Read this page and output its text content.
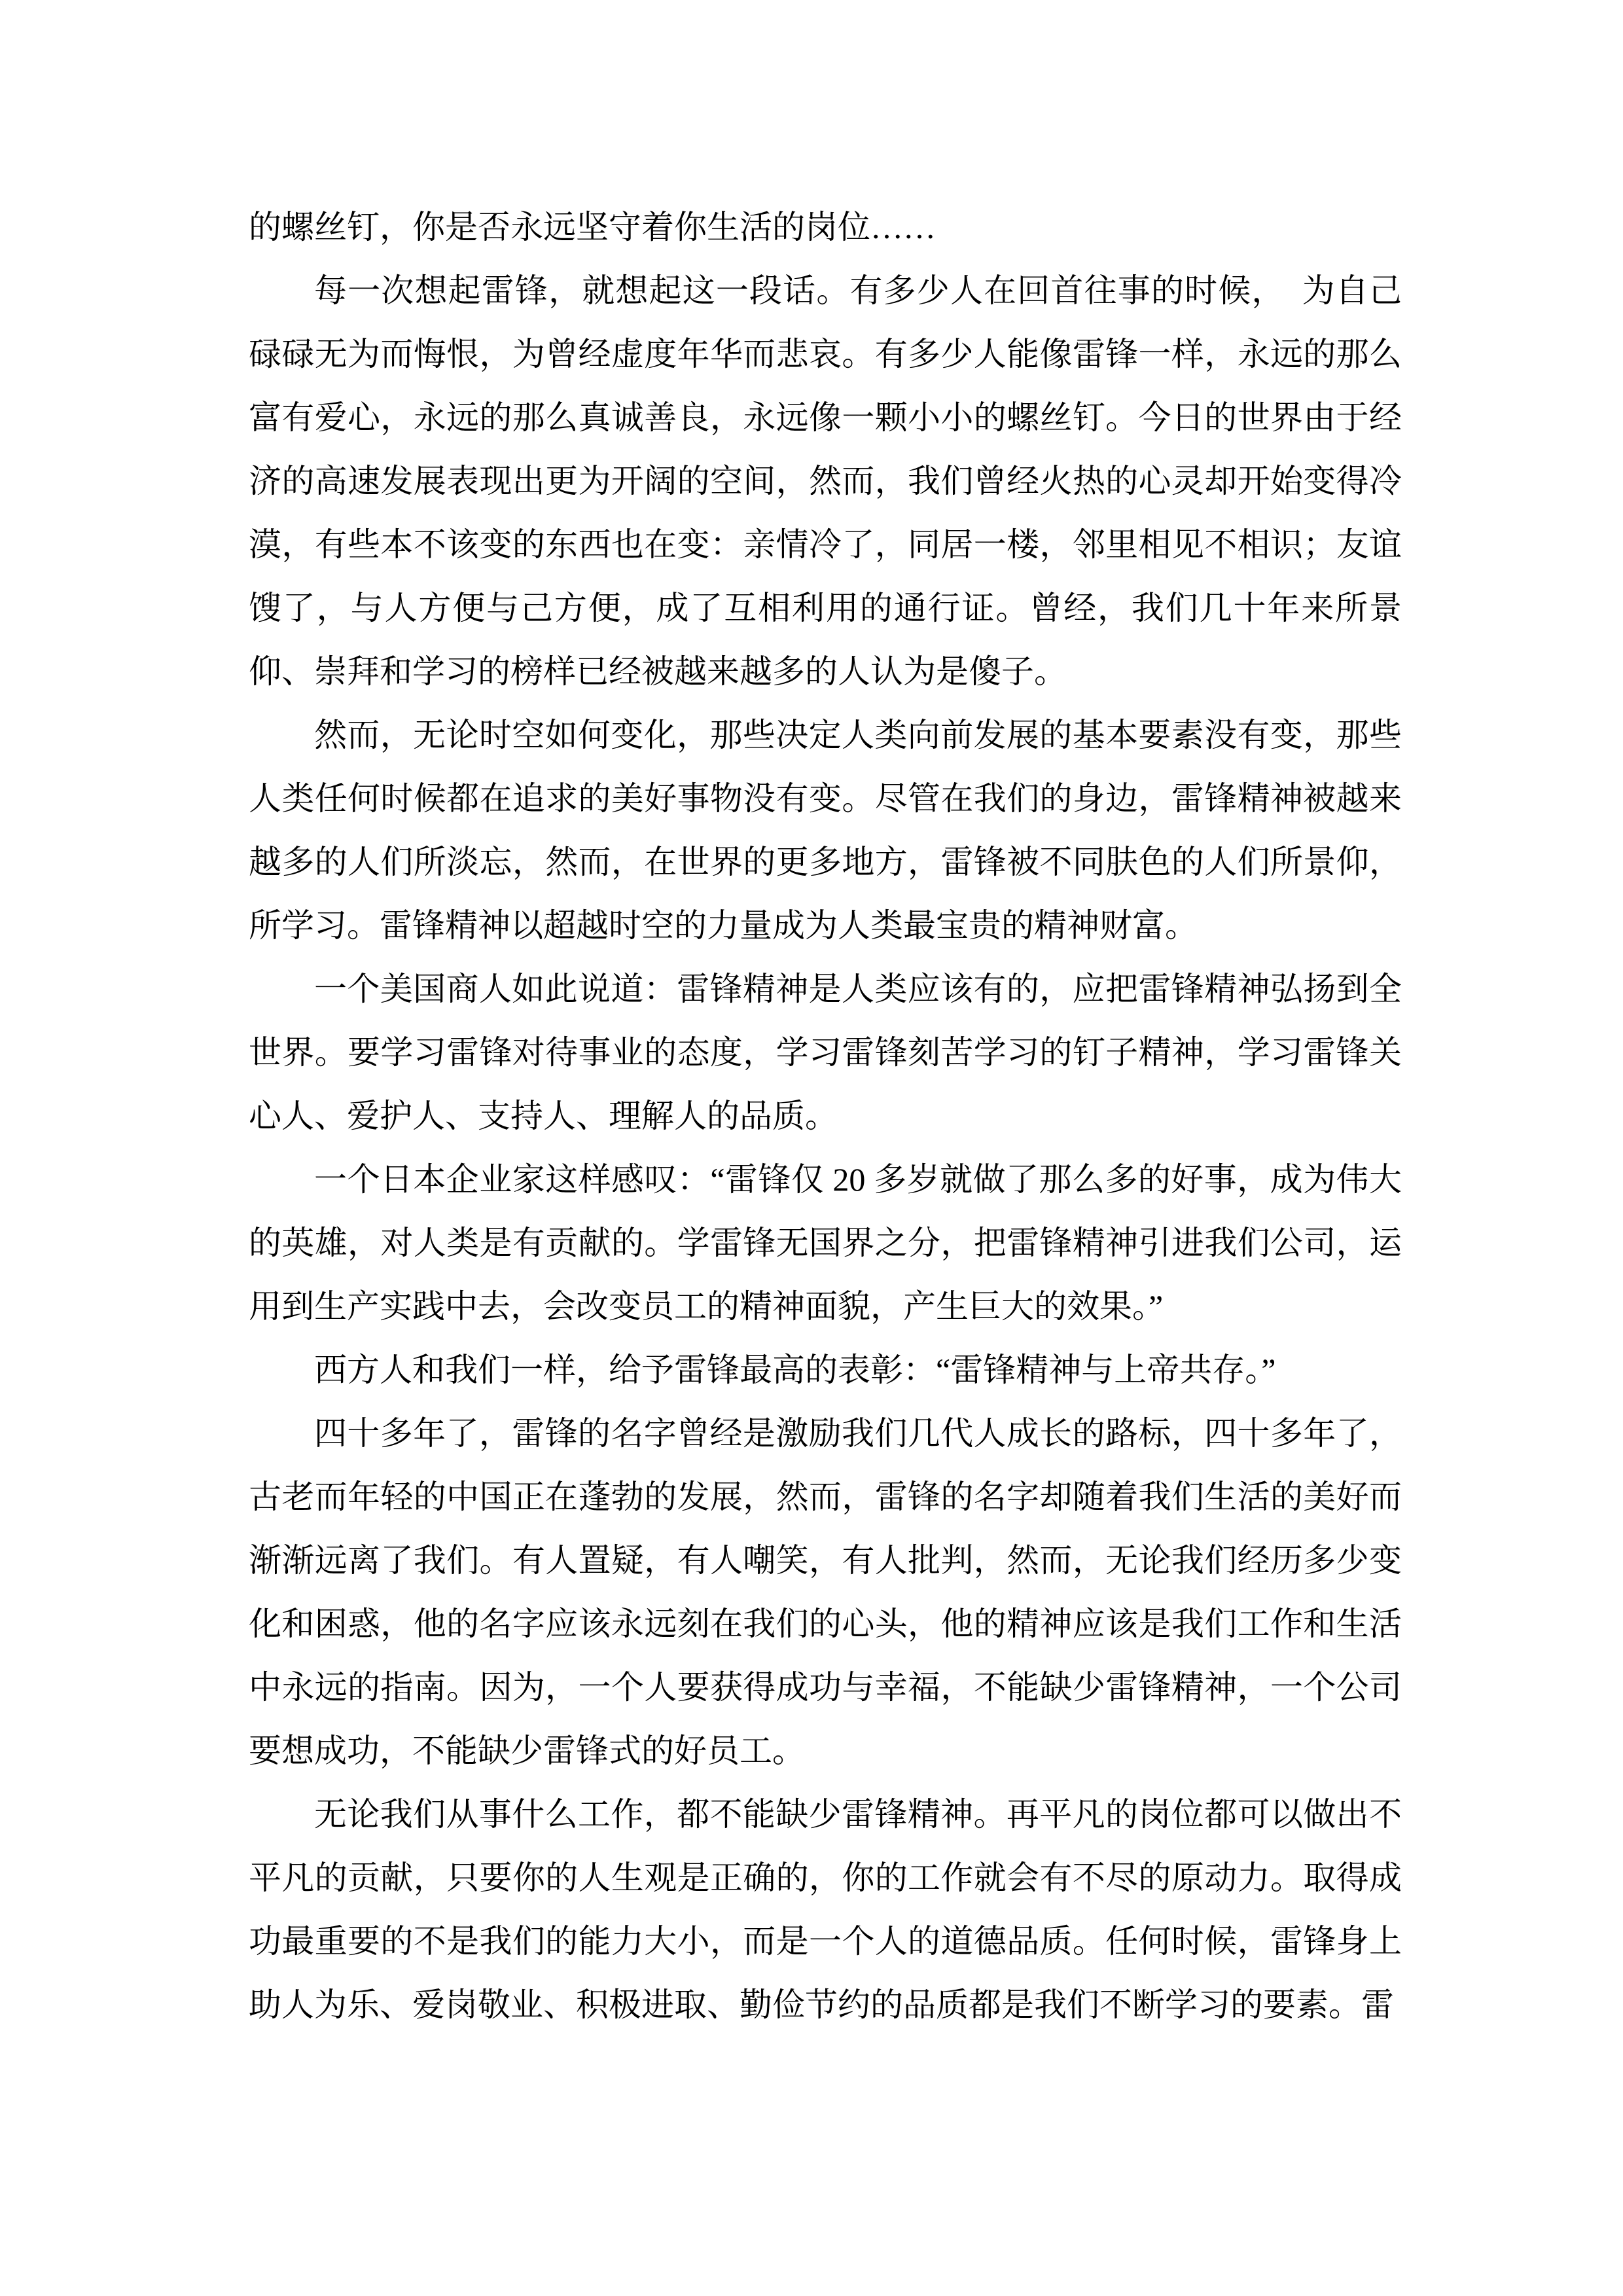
的螺丝钉，你是否永远坚守着你生活的岗位……

每一次想起雷锋，就想起这一段话。有多少人在回首往事的时候，　为自己碌碌无为而悔恨，为曾经虚度年华而悲哀。有多少人能像雷锋一样，永远的那么富有爱心，永远的那么真诚善良，永远像一颗小小的螺丝钉。今日的世界由于经济的高速发展表现出更为开阔的空间，然而，我们曾经火热的心灵却开始变得冷漠，有些本不该变的东西也在变：亲情冷了，同居一楼，邻里相见不相识；友谊馊了，与人方便与己方便，成了互相利用的通行证。曾经，我们几十年来所景仰、崇拜和学习的榜样已经被越来越多的人认为是傻子。

然而，无论时空如何变化，那些决定人类向前发展的基本要素没有变，那些人类任何时候都在追求的美好事物没有变。尽管在我们的身边，雷锋精神被越来越多的人们所淡忘，然而，在世界的更多地方，雷锋被不同肤色的人们所景仰，所学习。雷锋精神以超越时空的力量成为人类最宝贵的精神财富。

一个美国商人如此说道：雷锋精神是人类应该有的，应把雷锋精神弘扬到全世界。要学习雷锋对待事业的态度，学习雷锋刻苦学习的钉子精神，学习雷锋关心人、爱护人、支持人、理解人的品质。

一个日本企业家这样感叹：“雷锋仅 20 多岁就做了那么多的好事，成为伟大的英雄，对人类是有贡献的。学雷锋无国界之分，把雷锋精神引进我们公司，运用到生产实践中去，会改变员工的精神面貌，产生巨大的效果。”

西方人和我们一样，给予雷锋最高的表彰：“雷锋精神与上帝共存。”

四十多年了，雷锋的名字曾经是激励我们几代人成长的路标，四十多年了，古老而年轻的中国正在蓬勃的发展，然而，雷锋的名字却随着我们生活的美好而渐渐远离了我们。有人置疑，有人嘲笑，有人批判，然而，无论我们经历多少变化和困惑，他的名字应该永远刻在我们的心头，他的精神应该是我们工作和生活中永远的指南。因为，一个人要获得成功与幸福，不能缺少雷锋精神，一个公司要想成功，不能缺少雷锋式的好员工。

无论我们从事什么工作，都不能缺少雷锋精神。再平凡的岗位都可以做出不平凡的贡献，只要你的人生观是正确的，你的工作就会有不尽的原动力。取得成功最重要的不是我们的能力大小，而是一个人的道德品质。任何时候，雷锋身上助人为乐、爱岗敬业、积极进取、勤俭节约的品质都是我们不断学习的要素。雷
